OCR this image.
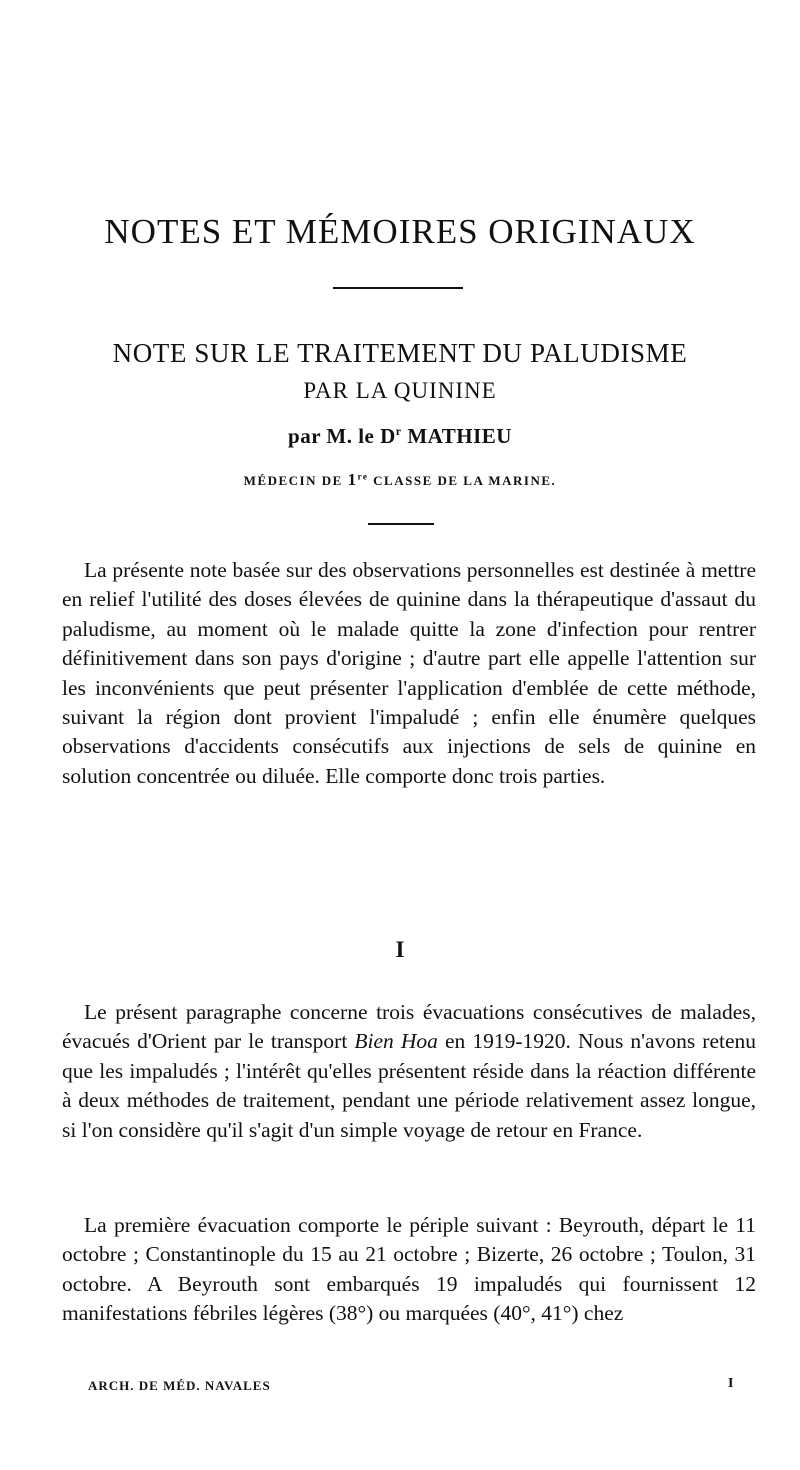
NOTES ET MÉMOIRES ORIGINAUX
NOTE SUR LE TRAITEMENT DU PALUDISME
PAR LA QUININE
par M. le $D^r$ MATHIEU
MÉDECIN DE 1re CLASSE DE LA MARINE.

La présente note basée sur des observations personnelles est destinée à mettre en relief l'utilité des doses élevées de quinine dans la thérapeutique d'assaut du paludisme, au moment où le malade quitte la zone d'infection pour rentrer définitivement dans son pays d'origine ; d'autre part elle appelle l'attention sur les inconvénients que peut présenter l'application d'emblée de cette méthode, suivant la région dont provient l'impaludé ; enfin elle énumère quelques observations d'accidents consécutifs aux injections de sels de quinine en solution concentrée ou diluée. Elle comporte donc trois parties.

I

Le présent paragraphe concerne trois évacuations consécutives de malades, évacués d'Orient par le transport Bien Hoa en 1919-1920. Nous n'avons retenu que les impaludés ; l'intérêt qu'elles présentent réside dans la réaction différente à deux méthodes de traitement, pendant une période relativement assez longue, si l'on considère qu'il s'agit d'un simple voyage de retour en France.

La première évacuation comporte le périple suivant : Beyrouth, départ le 11 octobre ; Constantinople du 15 au 21 octobre ; Bizerte, 26 octobre ; Toulon, 31 octobre. A Beyrouth sont embarqués 19 impaludés qui fournissent 12 manifestations fébriles légères (38°) ou marquées (40°, 41°) chez

ARCH. DE MÉD. NAVALES	I
